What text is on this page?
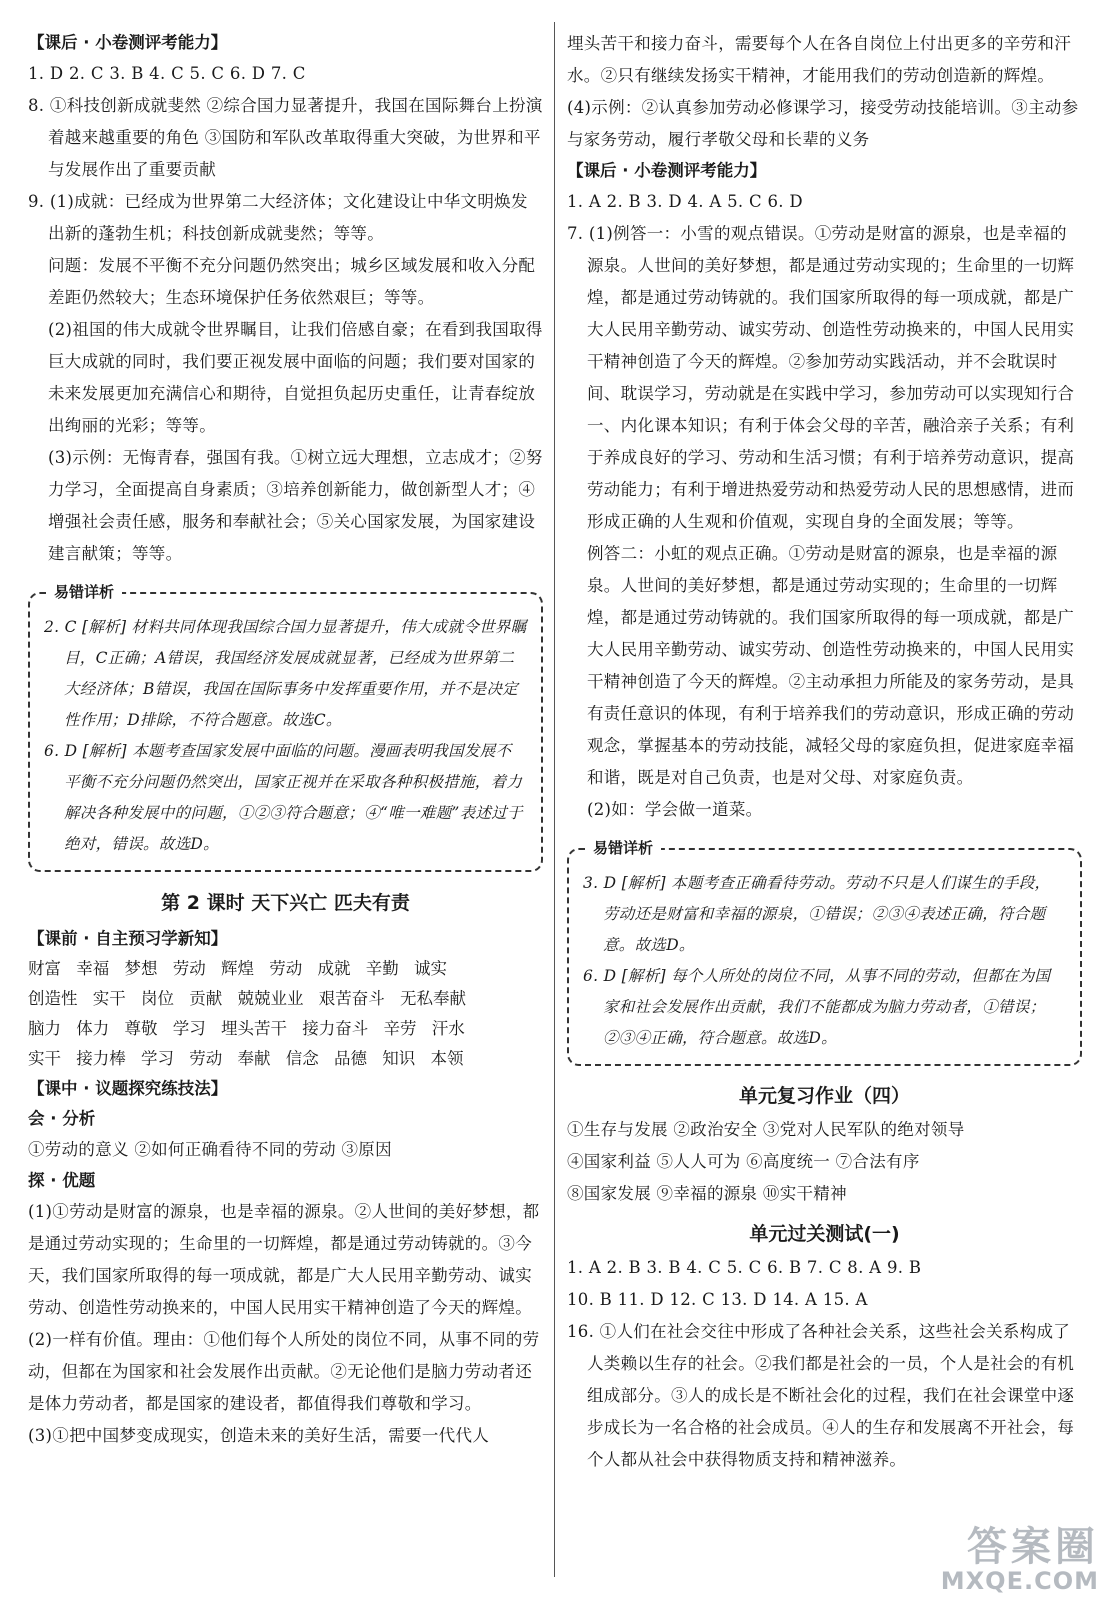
【课后 · 小卷测评考能力】

1. D 2. C 3. B 4. C 5. C 6. D 7. C

8. ①科技创新成就斐然 ②综合国力显著提升，我国在国际舞台上扮演着越来越重要的角色 ③国防和军队改革取得重大突破，为世界和平与发展作出了重要贡献

9. (1)成就：已经成为世界第二大经济体；文化建设让中华文明焕发出新的蓬勃生机；科技创新成就斐然；等等。

问题：发展不平衡不充分问题仍然突出；城乡区域发展和收入分配差距仍然较大；生态环境保护任务依然艰巨；等等。

(2)祖国的伟大成就令世界瞩目，让我们倍感自豪；在看到我国取得巨大成就的同时，我们要正视发展中面临的问题；我们要对国家的未来发展更加充满信心和期待，自觉担负起历史重任，让青春绽放出绚丽的光彩；等等。

(3)示例：无悔青春，强国有我。①树立远大理想，立志成才；②努力学习，全面提高自身素质；③培养创新能力，做创新型人才；④增强社会责任感，服务和奉献社会；⑤关心国家发展，为国家建设建言献策；等等。

易错详析

2. C [解析] 材料共同体现我国综合国力显著提升，伟大成就令世界瞩目，C正确；A错误，我国经济发展成就显著，已经成为世界第二大经济体；B错误，我国在国际事务中发挥重要作用，并不是决定性作用；D排除，不符合题意。故选C。

6. D [解析] 本题考查国家发展中面临的问题。漫画表明我国发展不平衡不充分问题仍然突出，国家正视并在采取各种积极措施，着力解决各种发展中的问题，①②③符合题意；④“唯一难题”表述过于绝对，错误。故选D。

第 2 课时 天下兴亡 匹夫有责

【课前 · 自主预习学新知】

财富 幸福 梦想 劳动 辉煌 劳动 成就 辛勤 诚实

创造性 实干 岗位 贡献 兢兢业业 艰苦奋斗 无私奉献

脑力 体力 尊敬 学习 埋头苦干 接力奋斗 辛劳 汗水

实干 接力棒 学习 劳动 奉献 信念 品德 知识 本领

【课中 · 议题探究练技法】

会 · 分析

①劳动的意义 ②如何正确看待不同的劳动 ③原因

探 · 优题

(1)①劳动是财富的源泉，也是幸福的源泉。②人世间的美好梦想，都是通过劳动实现的；生命里的一切辉煌，都是通过劳动铸就的。③今天，我们国家所取得的每一项成就，都是广大人民用辛勤劳动、诚实劳动、创造性劳动换来的，中国人民用实干精神创造了今天的辉煌。

(2)一样有价值。理由：①他们每个人所处的岗位不同，从事不同的劳动，但都在为国家和社会发展作出贡献。②无论他们是脑力劳动者还是体力劳动者，都是国家的建设者，都值得我们尊敬和学习。

(3)①把中国梦变成现实，创造未来的美好生活，需要一代代人

埋头苦干和接力奋斗，需要每个人在各自岗位上付出更多的辛劳和汗水。②只有继续发扬实干精神，才能用我们的劳动创造新的辉煌。

(4)示例：②认真参加劳动必修课学习，接受劳动技能培训。③主动参与家务劳动，履行孝敬父母和长辈的义务

【课后 · 小卷测评考能力】

1. A 2. B 3. D 4. A 5. C 6. D

7. (1)例答一：小雪的观点错误。①劳动是财富的源泉，也是幸福的源泉。人世间的美好梦想，都是通过劳动实现的；生命里的一切辉煌，都是通过劳动铸就的。我们国家所取得的每一项成就，都是广大人民用辛勤劳动、诚实劳动、创造性劳动换来的，中国人民用实干精神创造了今天的辉煌。②参加劳动实践活动，并不会耽误时间、耽误学习，劳动就是在实践中学习，参加劳动可以实现知行合一、内化课本知识；有利于体会父母的辛苦，融洽亲子关系；有利于养成良好的学习、劳动和生活习惯；有利于培养劳动意识，提高劳动能力；有利于增进热爱劳动和热爱劳动人民的思想感情，进而形成正确的人生观和价值观，实现自身的全面发展；等等。

例答二：小虹的观点正确。①劳动是财富的源泉，也是幸福的源泉。人世间的美好梦想，都是通过劳动实现的；生命里的一切辉煌，都是通过劳动铸就的。我们国家所取得的每一项成就，都是广大人民用辛勤劳动、诚实劳动、创造性劳动换来的，中国人民用实干精神创造了今天的辉煌。②主动承担力所能及的家务劳动，是具有责任意识的体现，有利于培养我们的劳动意识，形成正确的劳动观念，掌握基本的劳动技能，减轻父母的家庭负担，促进家庭幸福和谐，既是对自己负责，也是对父母、对家庭负责。

(2)如：学会做一道菜。

易错详析

3. D [解析] 本题考查正确看待劳动。劳动不只是人们谋生的手段，劳动还是财富和幸福的源泉，①错误；②③④表述正确，符合题意。故选D。

6. D [解析] 每个人所处的岗位不同，从事不同的劳动，但都在为国家和社会发展作出贡献，我们不能都成为脑力劳动者，①错误；②③④正确，符合题意。故选D。

单元复习作业（四）

①生存与发展 ②政治安全 ③党对人民军队的绝对领导

④国家利益 ⑤人人可为 ⑥高度统一 ⑦合法有序

⑧国家发展 ⑨幸福的源泉 ⑩实干精神

单元过关测试(一)

1. A 2. B 3. B 4. C 5. C 6. B 7. C 8. A 9. B

10. B 11. D 12. C 13. D 14. A 15. A

16. ①人们在社会交往中形成了各种社会关系，这些社会关系构成了人类赖以生存的社会。②我们都是社会的一员，个人是社会的有机组成部分。③人的成长是不断社会化的过程，我们在社会课堂中逐步成长为一名合格的社会成员。④人的生存和发展离不开社会，每个人都从社会中获得物质支持和精神滋养。

答案圈
MXQE.COM
